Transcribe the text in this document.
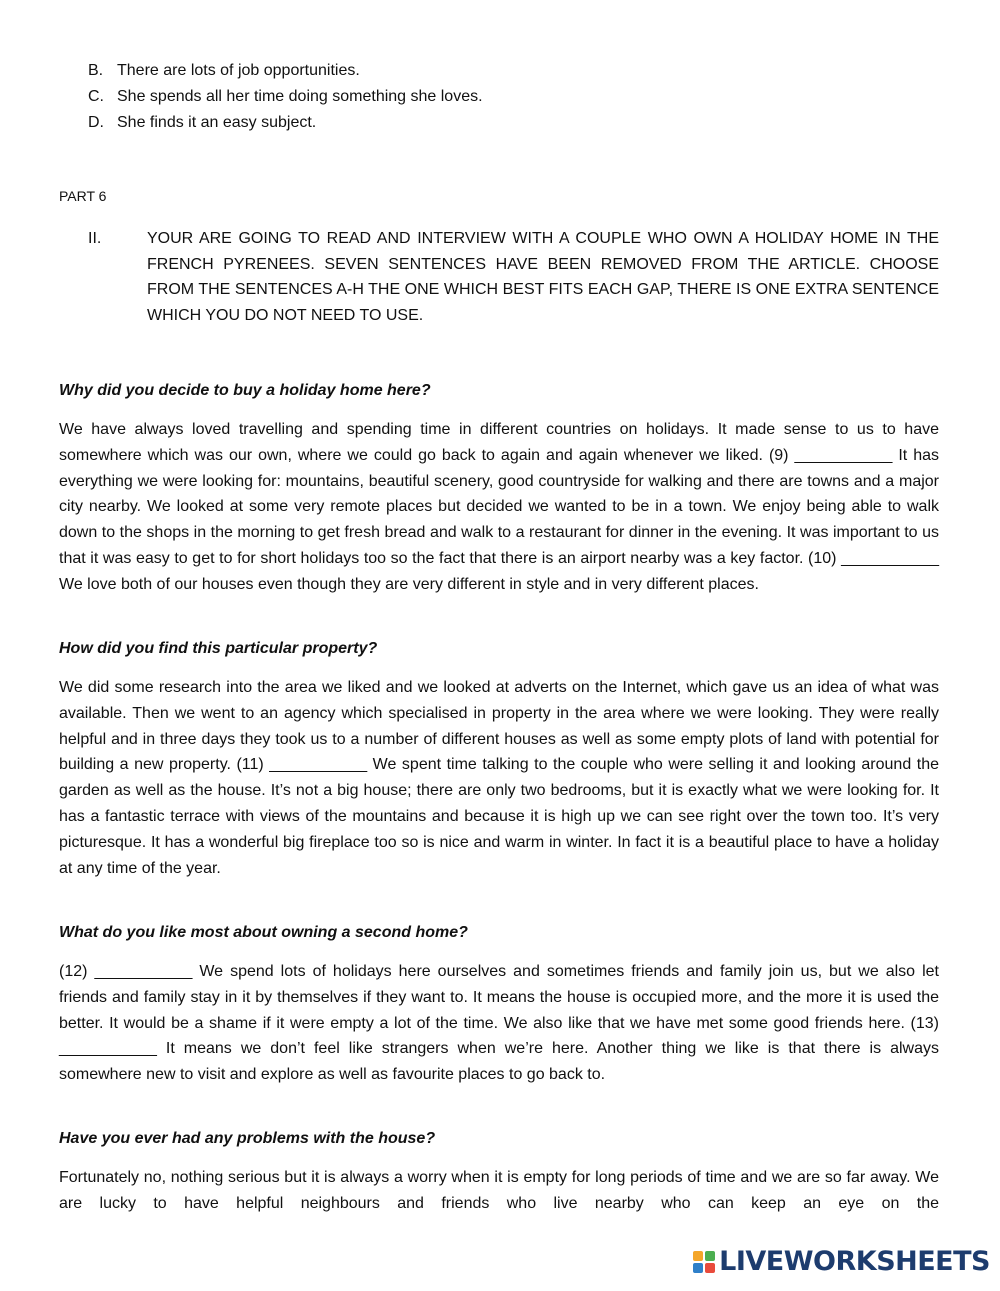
B. There are lots of job opportunities.
C. She spends all her time doing something she loves.
D. She finds it an easy subject.
PART 6
II.	YOUR ARE GOING TO READ AND INTERVIEW WITH A COUPLE WHO OWN A HOLIDAY HOME IN THE FRENCH PYRENEES. SEVEN SENTENCES HAVE BEEN REMOVED FROM THE ARTICLE. CHOOSE FROM THE SENTENCES A-H THE ONE WHICH BEST FITS EACH GAP, THERE IS ONE EXTRA SENTENCE WHICH YOU DO NOT NEED TO USE.
Why did you decide to buy a holiday home here?
We have always loved travelling and spending time in different countries on holidays. It made sense to us to have somewhere which was our own, where we could go back to again and again whenever we liked. (9) ___________ It has everything we were looking for: mountains, beautiful scenery, good countryside for walking and there are towns and a major city nearby. We looked at some very remote places but decided we wanted to be in a town. We enjoy being able to walk down to the shops in the morning to get fresh bread and walk to a restaurant for dinner in the evening. It was important to us that it was easy to get to for short holidays too so the fact that there is an airport nearby was a key factor. (10) ___________ We love both of our houses even though they are very different in style and in very different places.
How did you find this particular property?
We did some research into the area we liked and we looked at adverts on the Internet, which gave us an idea of what was available. Then we went to an agency which specialised in property in the area where we were looking. They were really helpful and in three days they took us to a number of different houses as well as some empty plots of land with potential for building a new property. (11) ___________ We spent time talking to the couple who were selling it and looking around the garden as well as the house. It’s not a big house; there are only two bedrooms, but it is exactly what we were looking for. It has a fantastic terrace with views of the mountains and because it is high up we can see right over the town too. It’s very picturesque. It has a wonderful big fireplace too so is nice and warm in winter. In fact it is a beautiful place to have a holiday at any time of the year.
What do you like most about owning a second home?
(12) ___________ We spend lots of holidays here ourselves and sometimes friends and family join us, but we also let friends and family stay in it by themselves if they want to. It means the house is occupied more, and the more it is used the better. It would be a shame if it were empty a lot of the time. We also like that we have met some good friends here. (13) ___________ It means we don’t feel like strangers when we’re here. Another thing we like is that there is always somewhere new to visit and explore as well as favourite places to go back to.
Have you ever had any problems with the house?
Fortunately no, nothing serious but it is always a worry when it is empty for long periods of time and we are so far away. We are lucky to have helpful neighbours and friends who live nearby who can keep an eye on the
LIVEWORKSHEETS
